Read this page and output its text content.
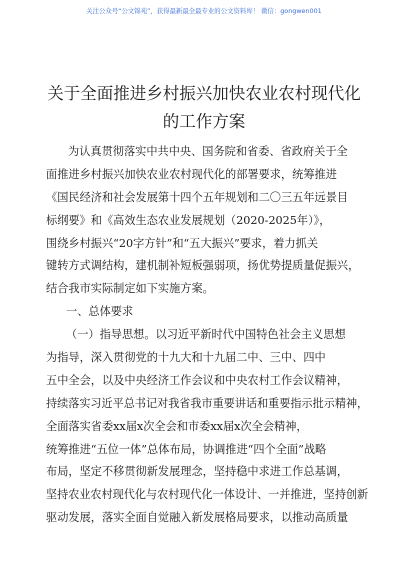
关注公众号“公文锦苑”，获得最新最全最专业的公文资料库！ 微信：gongwen001
关于全面推进乡村振兴加快农业农村现代化
的工作方案
为认真贯彻落实中共中央、国务院和省委、省政府关于全
面推进乡村振兴加快农业农村现代化的部署要求，统筹推进
《国民经济和社会发展第十四个五年规划和二〇三五年远景目
标纲要》和《高效生态农业发展规划（2020-2025年）》，
围绕乡村振兴“20字方针”和“五大振兴”要求，着力抓关
键转方式调结构，建机制补短板强弱项，扬优势提质量促振兴，
结合我市实际制定如下实施方案。
一、总体要求
（一）指导思想。以习近平新时代中国特色社会主义思想
为指导，深入贯彻党的十九大和十九届二中、三中、四中
五中全会，以及中央经济工作会议和中央农村工作会议精神，
持续落实习近平总书记对我省我市重要讲话和重要指示批示精神，
全面落实省委xx届x次全会和市委xx届x次全会精神，
统筹推进“五位一体”总体布局，协调推进“四个全面”战略
布局，坚定不移贯彻新发展理念，坚持稳中求进工作总基调，
坚持农业农村现代化与农村现代化一体设计、一并推进，坚持创新
驱动发展，落实全面自觉融入新发展格局要求，以推动高质量
